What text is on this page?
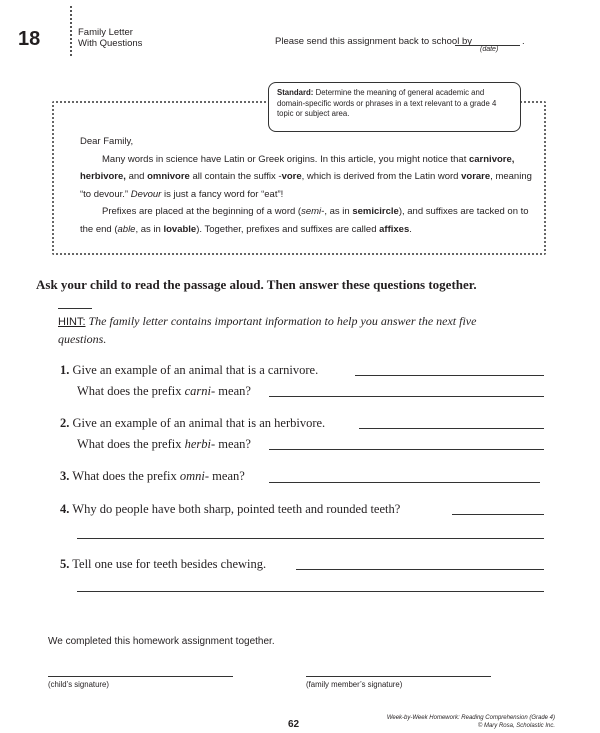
18	Family Letter
With Questions	Please send this assignment back to school by	.
(date)
Standard: Determine the meaning of general academic and domain-specific words or phrases in a text relevant to a grade 4 topic or subject area.
Dear Family,
Many words in science have Latin or Greek origins. In this article, you might notice that carnivore, herbivore, and omnivore all contain the suffix -vore, which is derived from the Latin word vorare, meaning “to devour.” Devour is just a fancy word for “eat”!
Prefixes are placed at the beginning of a word (semi-, as in semicircle), and suffixes are tacked on to the end (able, as in lovable). Together, prefixes and suffixes are called affixes.
Ask your child to read the passage aloud. Then answer these questions together.
HINT: The family letter contains important information to help you answer the next five questions.
1. Give an example of an animal that is a carnivore.
What does the prefix carni- mean?
2. Give an example of an animal that is an herbivore.
What does the prefix herbi- mean?
3. What does the prefix omni- mean?
4. Why do people have both sharp, pointed teeth and rounded teeth?
5. Tell one use for teeth besides chewing.
We completed this homework assignment together.
(child’s signature)	(family member’s signature)
62
Week-by-Week Homework: Reading Comprehension (Grade 4)
© Mary Rosa, Scholastic Inc.
